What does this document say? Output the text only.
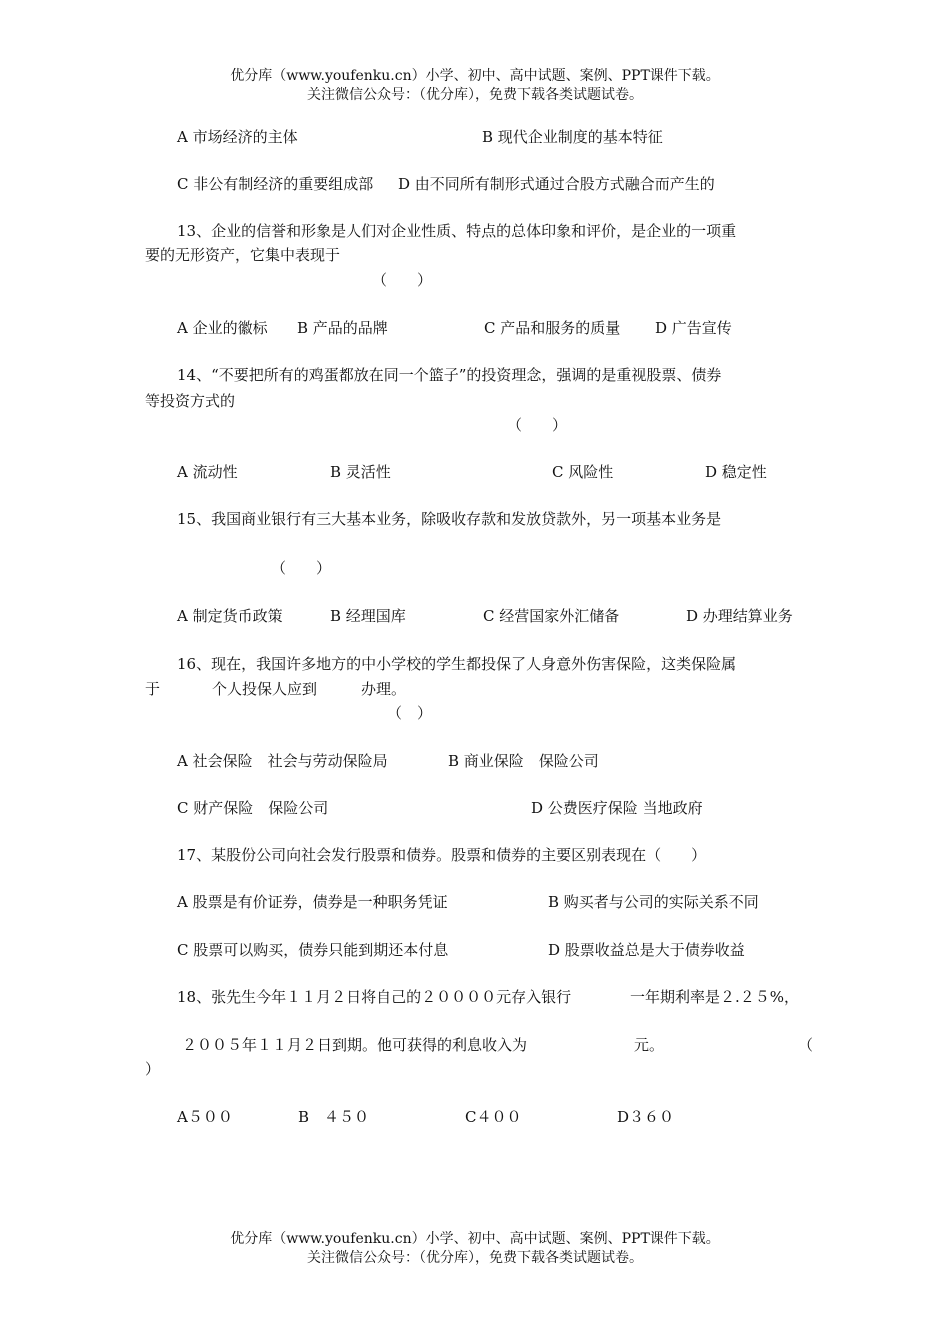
优分库（www.youfenku.cn）小学、初中、高中试题、案例、PPT课件下载。
关注微信公众号：（优分库），免费下载各类试题试卷。
A 市场经济的主体	B 现代企业制度的基本特征
C 非公有制经济的重要组成部 D 由不同所有制形式通过合股方式融合而产生的
13、企业的信誉和形象是人们对企业性质、特点的总体印象和评价，是企业的一项重
要的无形资产，它集中表现于
（　　）
A 企业的徽标 B 产品的品牌	C 产品和服务的质量 D 广告宣传
14、“不要把所有的鸡蛋都放在同一个篮子”的投资理念，强调的是重视股票、债券
等投资方式的
（　　）
A 流动性	B 灵活性	C 风险性	D 稳定性
15、我国商业银行有三大基本业务，除吸收存款和发放贷款外，另一项基本业务是
（　　）
A 制定货币政策	B 经理国库	C 经营国家外汇储备	D 办理结算业务
16、现在，我国许多地方的中小学校的学生都投保了人身意外伤害保险，这类保险属
于	个人投保人应到	办理。
（　）
A 社会保险　社会与劳动保险局	B 商业保险　保险公司
C 财产保险　保险公司	D 公费医疗保险 当地政府
17、某股份公司向社会发行股票和债券。股票和债券的主要区别表现在（　　）
A 股票是有价证券，债券是一种职务凭证	B 购买者与公司的实际关系不同
C 股票可以购买，债券只能到期还本付息	D 股票收益总是大于债券收益
18、张先生今年１１月２日将自己的２００００元存入银行	一年期利率是２.２５%，
２００５年１１月２日到期。他可获得的利息收入为	元。	（
）
A５００	B　４５０	C４００	D３６０
优分库（www.youfenku.cn）小学、初中、高中试题、案例、PPT课件下载。
关注微信公众号：（优分库），免费下载各类试题试卷。
